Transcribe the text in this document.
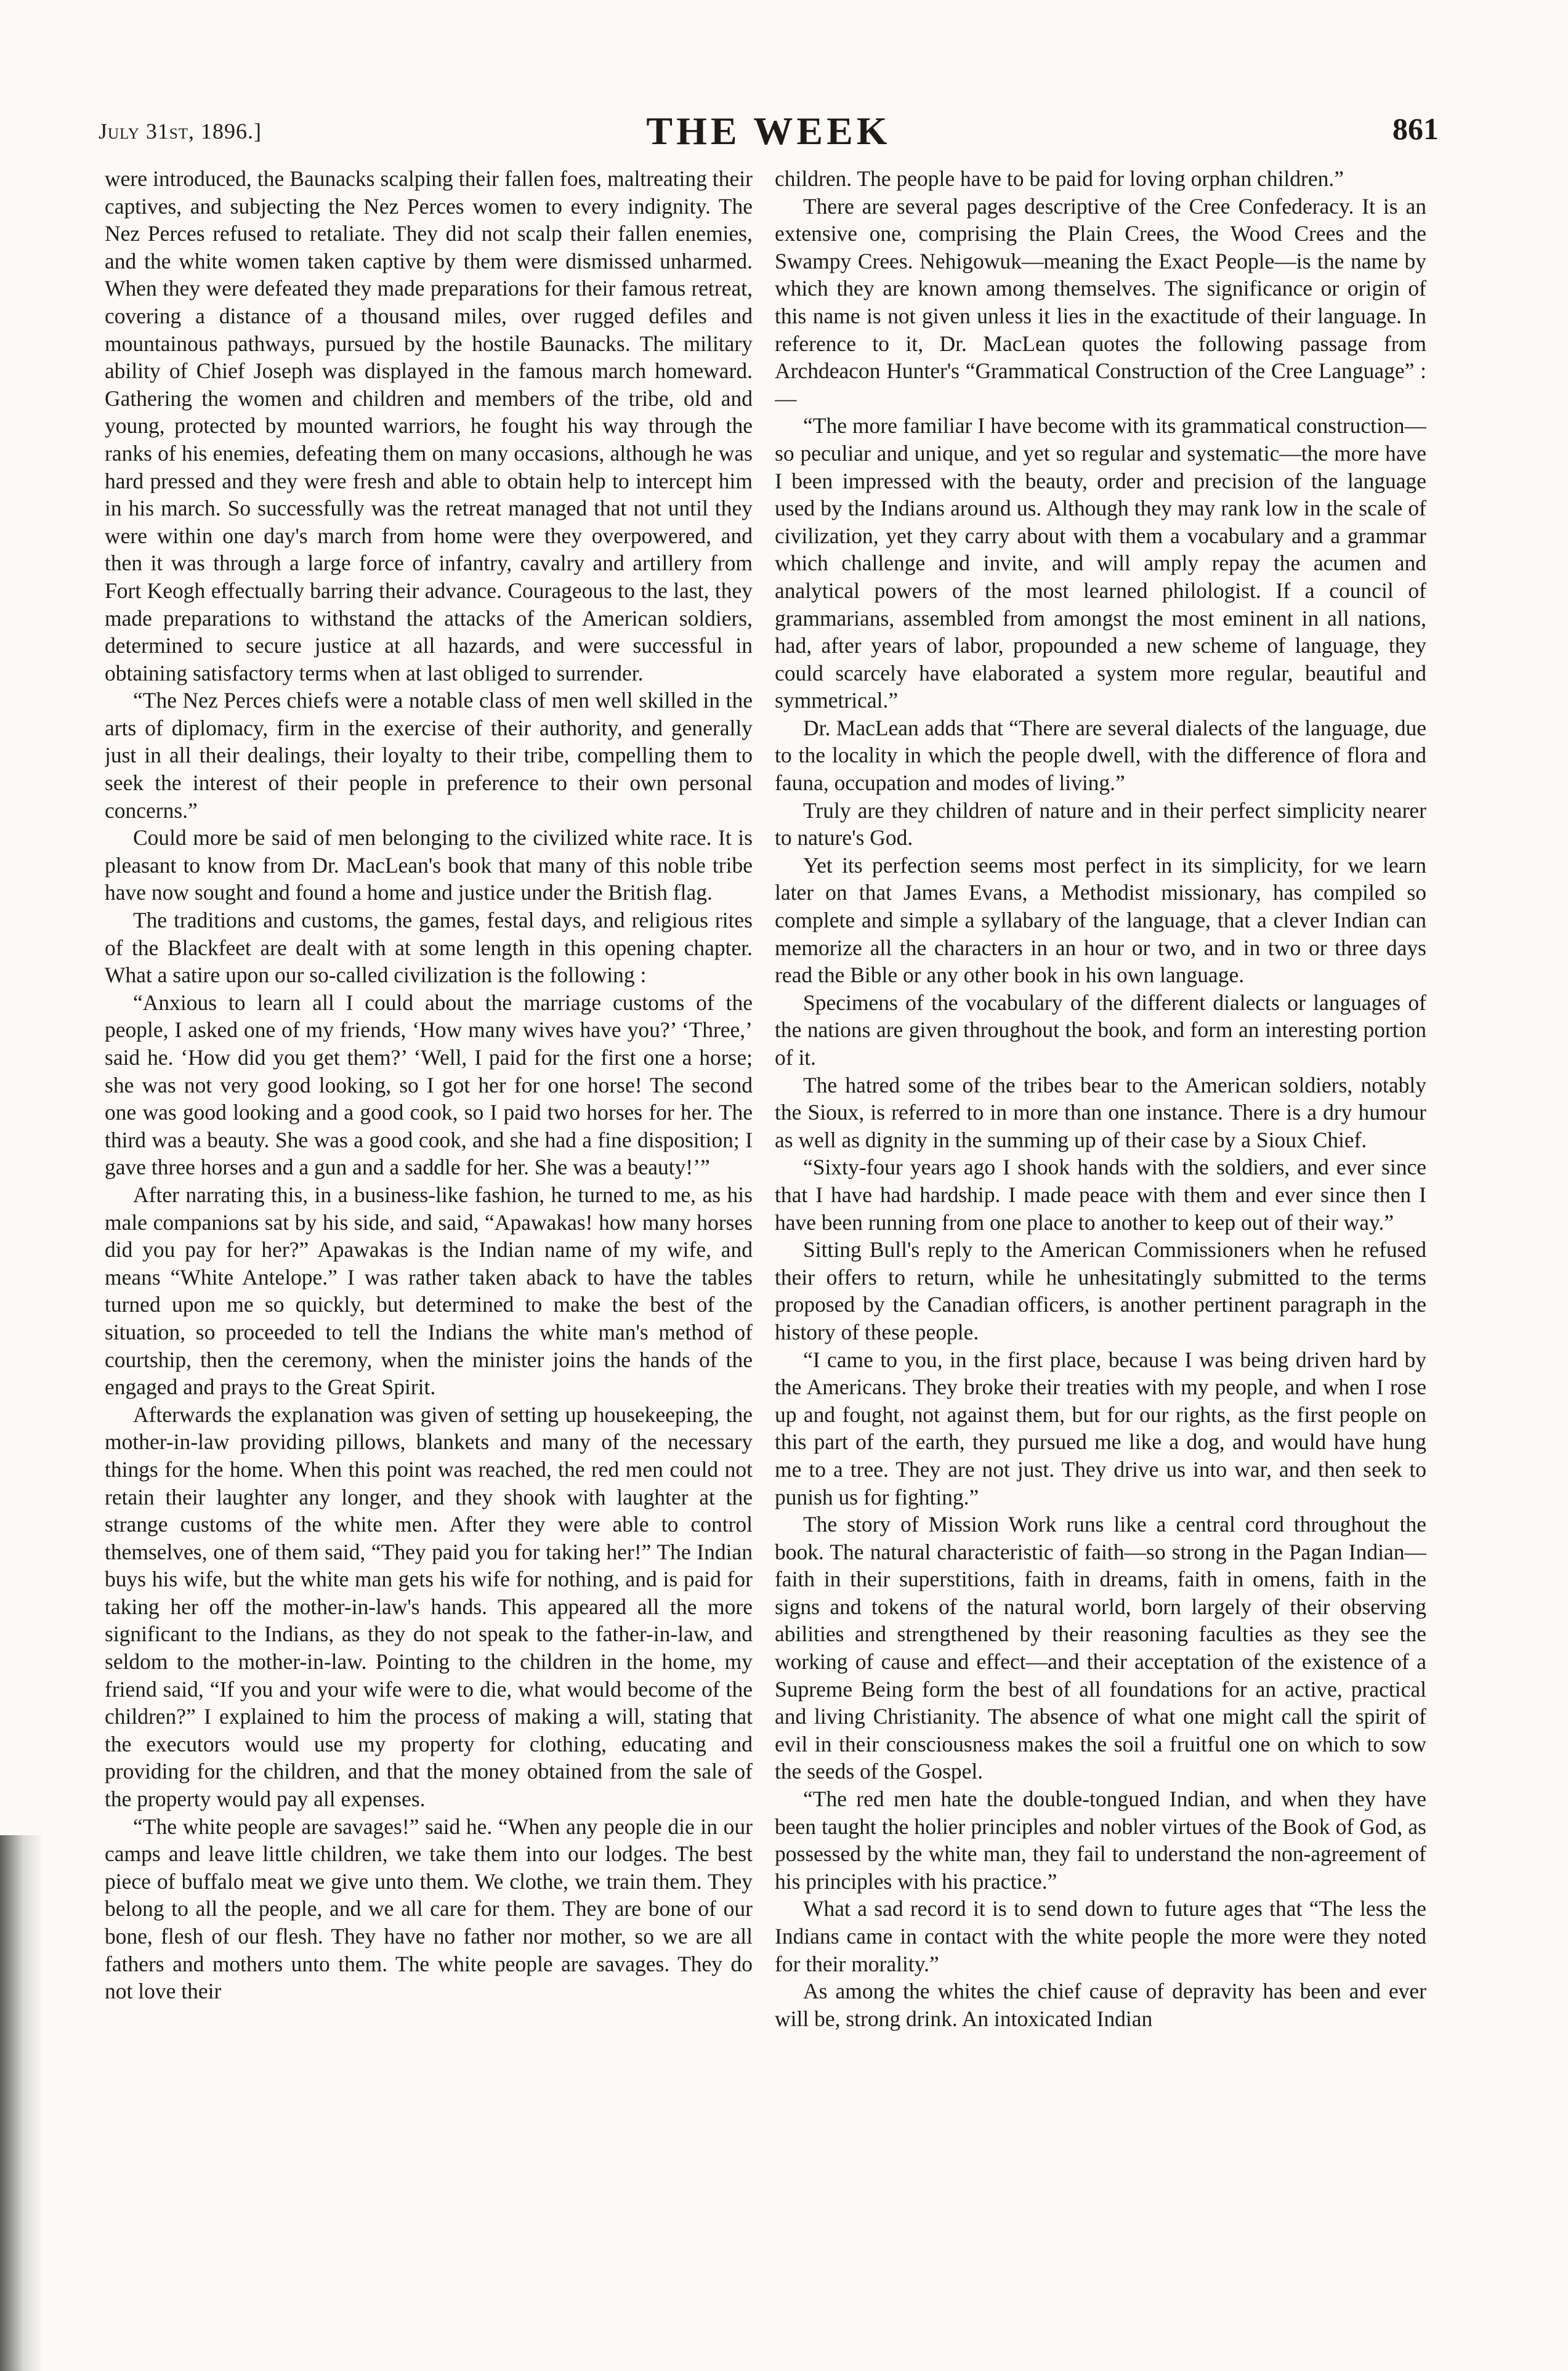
July 31st, 1896.]	THE WEEK	861

were introduced, the Baunacks scalping their fallen foes, maltreating their captives, and subjecting the Nez Perces women to every indignity. The Nez Perces refused to retaliate. They did not scalp their fallen enemies, and the white women taken captive by them were dismissed unharmed. When they were defeated they made preparations for their famous retreat, covering a distance of a thousand miles, over rugged defiles and mountainous pathways, pursued by the hostile Baunacks. The military ability of Chief Joseph was displayed in the famous march homeward. Gathering the women and children and members of the tribe, old and young, protected by mounted warriors, he fought his way through the ranks of his enemies, defeating them on many occasions, although he was hard pressed and they were fresh and able to obtain help to intercept him in his march. So successfully was the retreat managed that not until they were within one day's march from home were they overpowered, and then it was through a large force of infantry, cavalry and artillery from Fort Keogh effectually barring their advance. Courageous to the last, they made preparations to withstand the attacks of the American soldiers, determined to secure justice at all hazards, and were successful in obtaining satisfactory terms when at last obliged to surrender.

“The Nez Perces chiefs were a notable class of men well skilled in the arts of diplomacy, firm in the exercise of their authority, and generally just in all their dealings, their loyalty to their tribe, compelling them to seek the interest of their people in preference to their own personal concerns.”

Could more be said of men belonging to the civilized white race. It is pleasant to know from Dr. MacLean's book that many of this noble tribe have now sought and found a home and justice under the British flag.

The traditions and customs, the games, festal days, and religious rites of the Blackfeet are dealt with at some length in this opening chapter. What a satire upon our so-called civilization is the following :

“Anxious to learn all I could about the marriage customs of the people, I asked one of my friends, ‘How many wives have you?’ ‘Three,’ said he. ‘How did you get them?’ ‘Well, I paid for the first one a horse; she was not very good looking, so I got her for one horse! The second one was good looking and a good cook, so I paid two horses for her. The third was a beauty. She was a good cook, and she had a fine disposition; I gave three horses and a gun and a saddle for her. She was a beauty!’”

After narrating this, in a business-like fashion, he turned to me, as his male companions sat by his side, and said, “Apawakas! how many horses did you pay for her?” Apawakas is the Indian name of my wife, and means “White Antelope.” I was rather taken aback to have the tables turned upon me so quickly, but determined to make the best of the situation, so proceeded to tell the Indians the white man's method of courtship, then the ceremony, when the minister joins the hands of the engaged and prays to the Great Spirit.

Afterwards the explanation was given of setting up housekeeping, the mother-in-law providing pillows, blankets and many of the necessary things for the home. When this point was reached, the red men could not retain their laughter any longer, and they shook with laughter at the strange customs of the white men. After they were able to control themselves, one of them said, “They paid you for taking her!” The Indian buys his wife, but the white man gets his wife for nothing, and is paid for taking her off the mother-in-law's hands. This appeared all the more significant to the Indians, as they do not speak to the father-in-law, and seldom to the mother-in-law. Pointing to the children in the home, my friend said, “If you and your wife were to die, what would become of the children?” I explained to him the process of making a will, stating that the executors would use my property for clothing, educating and providing for the children, and that the money obtained from the sale of the property would pay all expenses.

“The white people are savages!” said he. “When any people die in our camps and leave little children, we take them into our lodges. The best piece of buffalo meat we give unto them. We clothe, we train them. They belong to all the people, and we all care for them. They are bone of our bone, flesh of our flesh. They have no father nor mother, so we are all fathers and mothers unto them. The white people are savages. They do not love their

children. The people have to be paid for loving orphan children.”

There are several pages descriptive of the Cree Confederacy. It is an extensive one, comprising the Plain Crees, the Wood Crees and the Swampy Crees. Nehigowuk—meaning the Exact People—is the name by which they are known among themselves. The significance or origin of this name is not given unless it lies in the exactitude of their language. In reference to it, Dr. MacLean quotes the following passage from Archdeacon Hunter's “Grammatical Construction of the Cree Language” :—

“The more familiar I have become with its grammatical construction—so peculiar and unique, and yet so regular and systematic—the more have I been impressed with the beauty, order and precision of the language used by the Indians around us. Although they may rank low in the scale of civilization, yet they carry about with them a vocabulary and a grammar which challenge and invite, and will amply repay the acumen and analytical powers of the most learned philologist. If a council of grammarians, assembled from amongst the most eminent in all nations, had, after years of labor, propounded a new scheme of language, they could scarcely have elaborated a system more regular, beautiful and symmetrical.”

Dr. MacLean adds that “There are several dialects of the language, due to the locality in which the people dwell, with the difference of flora and fauna, occupation and modes of living.”

Truly are they children of nature and in their perfect simplicity nearer to nature's God.

Yet its perfection seems most perfect in its simplicity, for we learn later on that James Evans, a Methodist missionary, has compiled so complete and simple a syllabary of the language, that a clever Indian can memorize all the characters in an hour or two, and in two or three days read the Bible or any other book in his own language.

Specimens of the vocabulary of the different dialects or languages of the nations are given throughout the book, and form an interesting portion of it.

The hatred some of the tribes bear to the American soldiers, notably the Sioux, is referred to in more than one instance. There is a dry humour as well as dignity in the summing up of their case by a Sioux Chief.

“Sixty-four years ago I shook hands with the soldiers, and ever since that I have had hardship. I made peace with them and ever since then I have been running from one place to another to keep out of their way.”

Sitting Bull's reply to the American Commissioners when he refused their offers to return, while he unhesitatingly submitted to the terms proposed by the Canadian officers, is another pertinent paragraph in the history of these people.

“I came to you, in the first place, because I was being driven hard by the Americans. They broke their treaties with my people, and when I rose up and fought, not against them, but for our rights, as the first people on this part of the earth, they pursued me like a dog, and would have hung me to a tree. They are not just. They drive us into war, and then seek to punish us for fighting.”

The story of Mission Work runs like a central cord throughout the book. The natural characteristic of faith—so strong in the Pagan Indian—faith in their superstitions, faith in dreams, faith in omens, faith in the signs and tokens of the natural world, born largely of their observing abilities and strengthened by their reasoning faculties as they see the working of cause and effect—and their acceptation of the existence of a Supreme Being form the best of all foundations for an active, practical and living Christianity. The absence of what one might call the spirit of evil in their consciousness makes the soil a fruitful one on which to sow the seeds of the Gospel.

“The red men hate the double-tongued Indian, and when they have been taught the holier principles and nobler virtues of the Book of God, as possessed by the white man, they fail to understand the non-agreement of his principles with his practice.”

What a sad record it is to send down to future ages that “The less the Indians came in contact with the white people the more were they noted for their morality.”

As among the whites the chief cause of depravity has been and ever will be, strong drink. An intoxicated Indian
